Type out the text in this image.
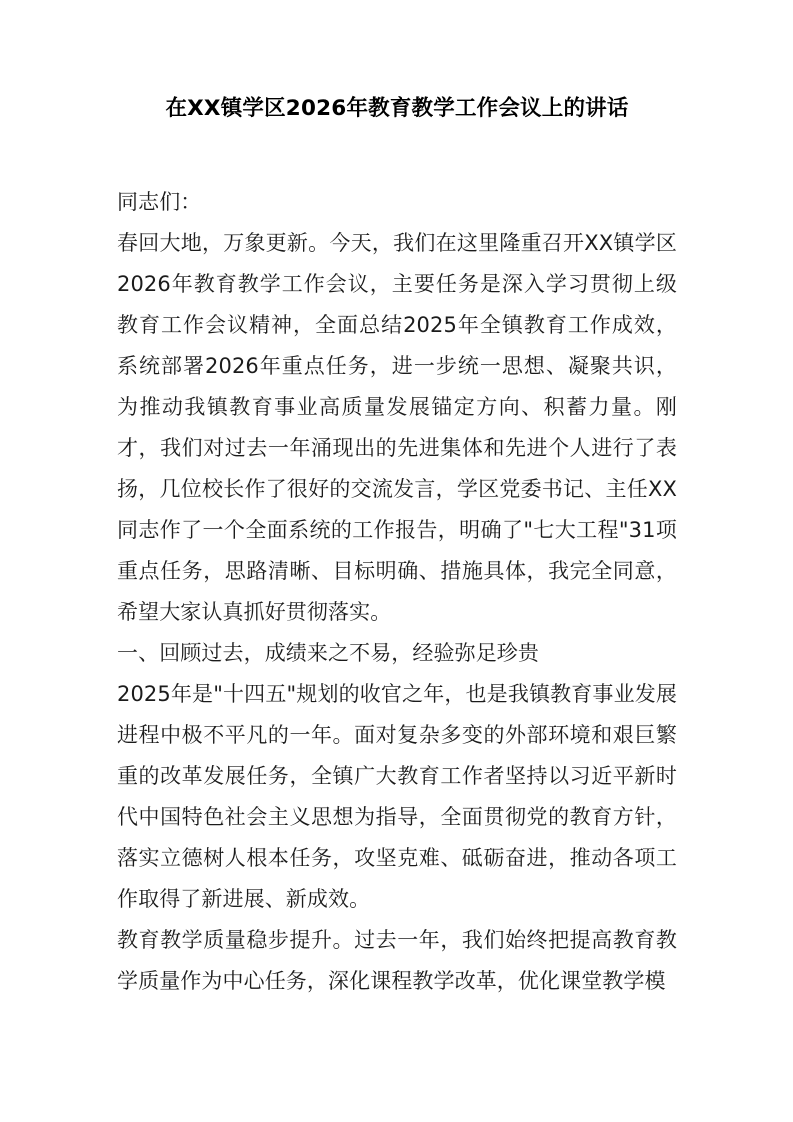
在XX镇学区2026年教育教学工作会议上的讲话

同志们：

春回大地，万象更新。今天，我们在这里隆重召开XX镇学区2026年教育教学工作会议，主要任务是深入学习贯彻上级教育工作会议精神，全面总结2025年全镇教育工作成效，系统部署2026年重点任务，进一步统一思想、凝聚共识，为推动我镇教育事业高质量发展锚定方向、积蓄力量。刚才，我们对过去一年涌现出的先进集体和先进个人进行了表扬，几位校长作了很好的交流发言，学区党委书记、主任XX同志作了一个全面系统的工作报告，明确了"七大工程"31项重点任务，思路清晰、目标明确、措施具体，我完全同意，希望大家认真抓好贯彻落实。

一、回顾过去，成绩来之不易，经验弥足珍贵

2025年是"十四五"规划的收官之年，也是我镇教育事业发展进程中极不平凡的一年。面对复杂多变的外部环境和艰巨繁重的改革发展任务，全镇广大教育工作者坚持以习近平新时代中国特色社会主义思想为指导，全面贯彻党的教育方针，落实立德树人根本任务，攻坚克难、砥砺奋进，推动各项工作取得了新进展、新成效。

教育教学质量稳步提升。过去一年，我们始终把提高教育教学质量作为中心任务，深化课程教学改革，优化课堂教学模
